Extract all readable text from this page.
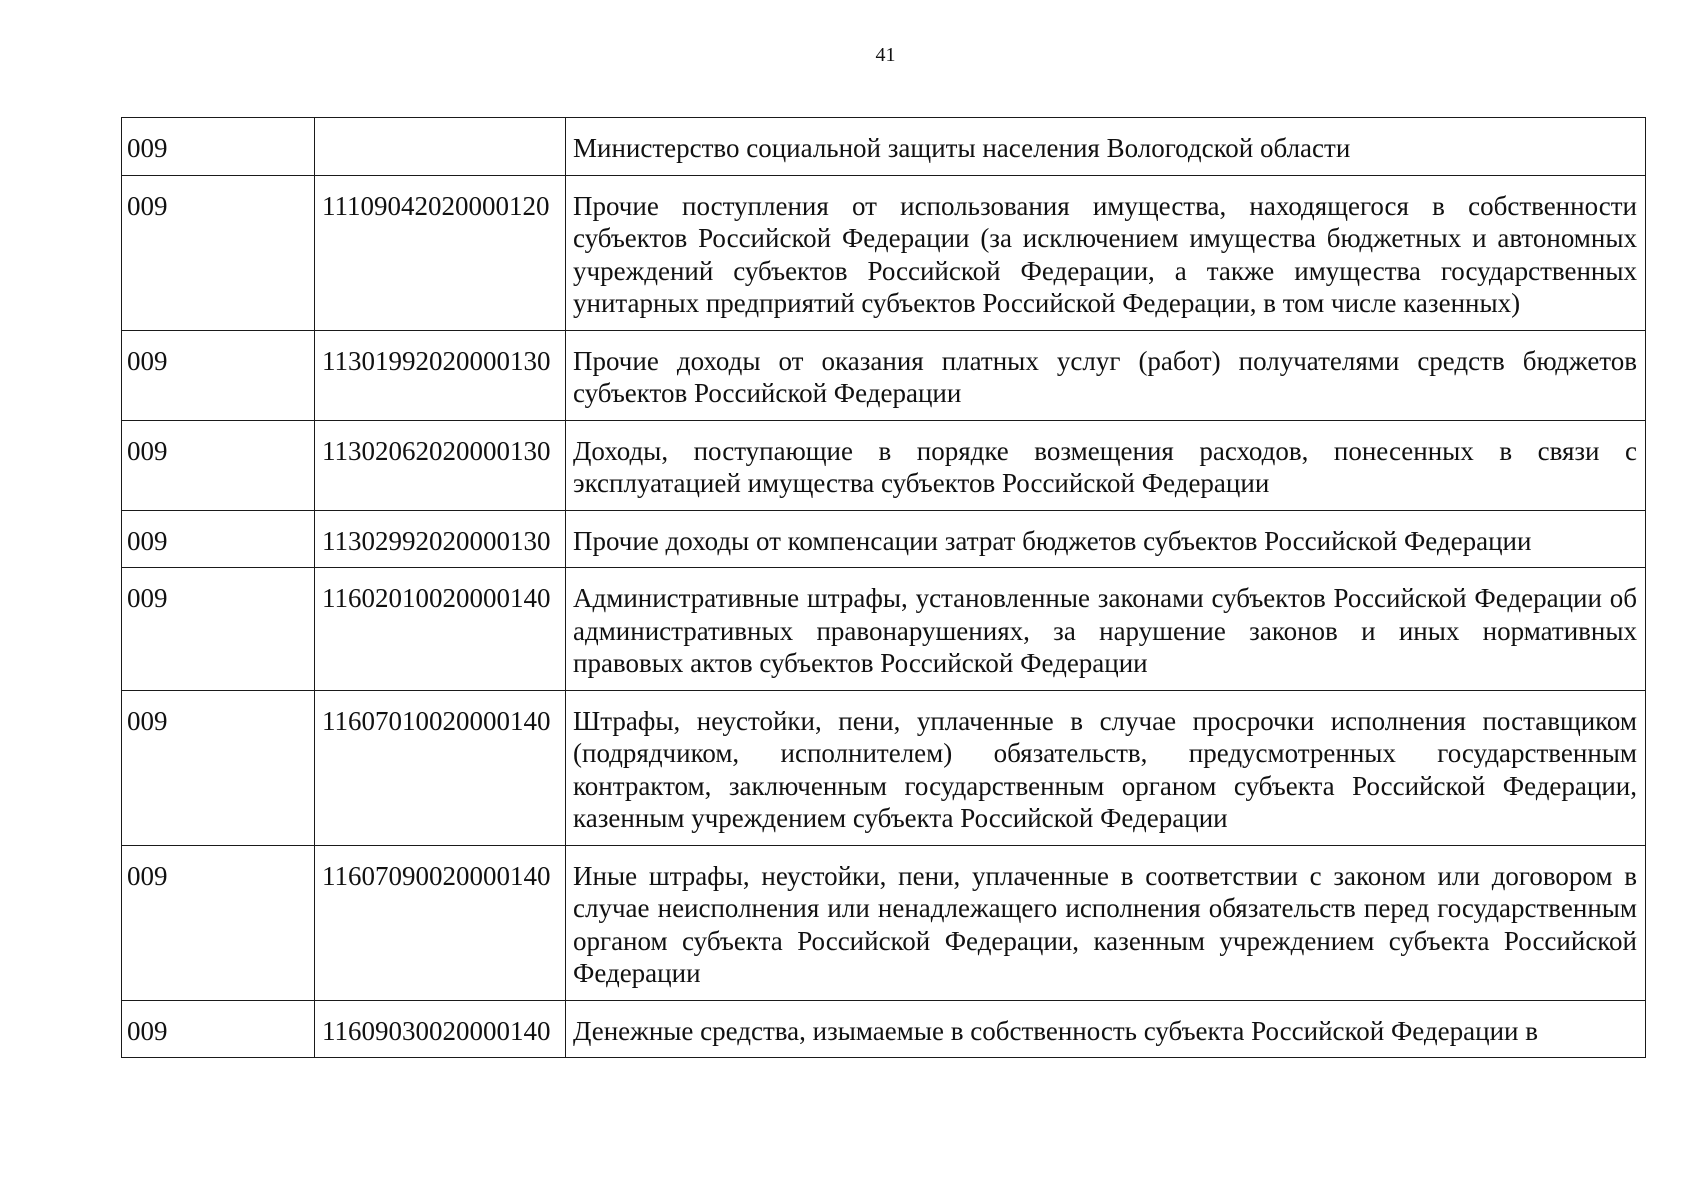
41
009		Министерство социальной защиты населения Вологодской области
009	11109042020000120	Прочие поступления от использования имущества, находящегося в собственности субъектов Российской Федерации (за исключением имущества бюджетных и автономных учреждений субъектов Российской Федерации, а также имущества государственных унитарных предприятий субъектов Российской Федерации, в том числе казенных)
009	11301992020000130	Прочие доходы от оказания платных услуг (работ) получателями средств бюджетов субъектов Российской Федерации
009	11302062020000130	Доходы, поступающие в порядке возмещения расходов, понесенных в связи с эксплуатацией имущества субъектов Российской Федерации
009	11302992020000130	Прочие доходы от компенсации затрат бюджетов субъектов Российской Федерации
009	11602010020000140	Административные штрафы, установленные законами субъектов Российской Федерации об административных правонарушениях, за нарушение законов и иных нормативных правовых актов субъектов Российской Федерации
009	11607010020000140	Штрафы, неустойки, пени, уплаченные в случае просрочки исполнения поставщиком (подрядчиком, исполнителем) обязательств, предусмотренных государственным контрактом, заключенным государственным органом субъекта Российской Федерации, казенным учреждением субъекта Российской Федерации
009	11607090020000140	Иные штрафы, неустойки, пени, уплаченные в соответствии с законом или договором в случае неисполнения или ненадлежащего исполнения обязательств перед государственным органом субъекта Российской Федерации, казенным учреждением субъекта Российской Федерации
009	11609030020000140	Денежные средства, изымаемые в собственность субъекта Российской Федерации в
